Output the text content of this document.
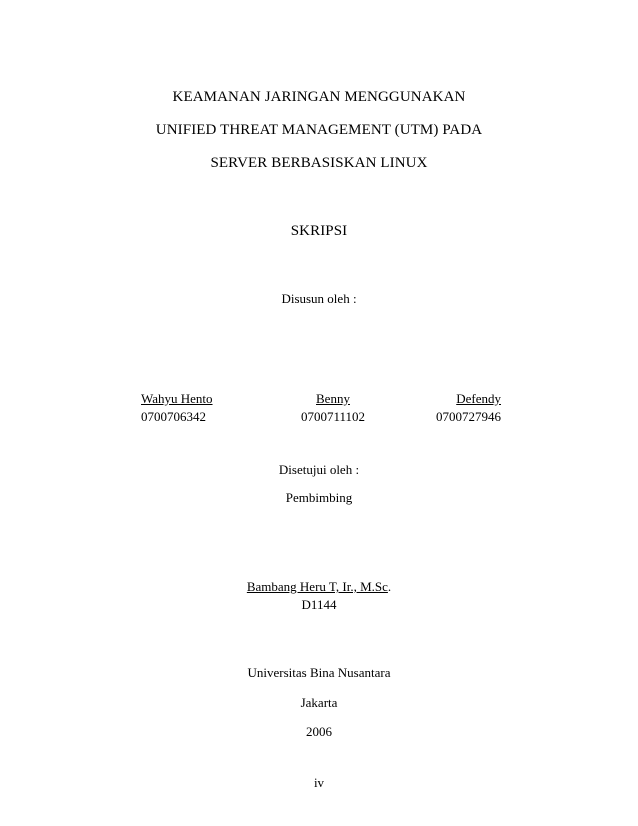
KEAMANAN JARINGAN MENGGUNAKAN
UNIFIED THREAT MANAGEMENT (UTM) PADA
SERVER BERBASISKAN LINUX
SKRIPSI
Disusun oleh :
Wahyu Hento
0700706342
Benny
0700711102
Defendy
0700727946
Disetujui oleh :
Pembimbing
Bambang Heru T, Ir., M.Sc.
D1144
Universitas Bina Nusantara
Jakarta
2006
iv
